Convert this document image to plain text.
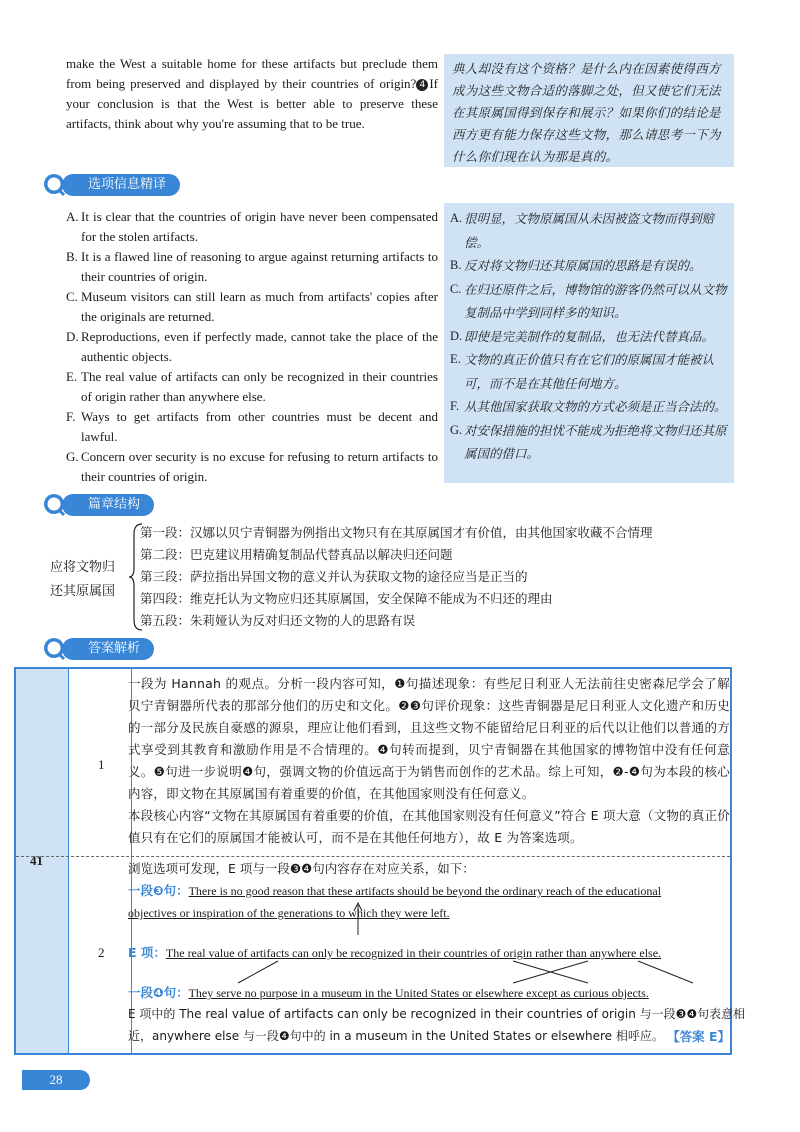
make the West a suitable home for these artifacts but preclude them from being preserved and displayed by their countries of origin? 4 If your conclusion is that the West is better able to preserve these artifacts, think about why you're assuming that to be true.
典人却没有这个资格？是什么内在因素使得西方成为这些文物合适的落脚之处，但又使它们无法在其原属国得到保存和展示？如果你们的结论是西方更有能力保存这些文物，那么请思考一下为什么你们现在认为那是真的。
选项信息精译
A. It is clear that the countries of origin have never been compensated for the stolen artifacts.
B. It is a flawed line of reasoning to argue against returning artifacts to their countries of origin.
C. Museum visitors can still learn as much from artifacts' copies after the originals are returned.
D. Reproductions, even if perfectly made, cannot take the place of the authentic objects.
E. The real value of artifacts can only be recognized in their countries of origin rather than anywhere else.
F. Ways to get artifacts from other countries must be decent and lawful.
G. Concern over security is no excuse for refusing to return artifacts to their countries of origin.
A. 很明显，文物原属国从未因被盗文物而得到赔偿。
B. 反对将文物归还其原属国的思路是有误的。
C. 在归还原件之后，博物馆的游客仍然可以从文物复制品中学到同样多的知识。
D. 即使是完美制作的复制品，也无法代替真品。
E. 文物的真正价值只有在它们的原属国才能被认可，而不是在其他任何地方。
F. 从其他国家获取文物的方式必须是正当合法的。
G. 对安保措施的担忧不能成为拒绝将文物归还其原属国的借口。
篇章结构
应将文物归
还其原属国
第一段：汉娜以贝宁青铜器为例指出文物只有在其原属国才有价值，由其他国家收藏不合情理
第二段：巴克建议用精确复制品代替真品以解决归还问题
第三段：萨拉指出异国文物的意义并认为获取文物的途径应当是正当的
第四段：维克托认为文物应归还其原属国，安全保障不能成为不归还的理由
第五段：朱莉娅认为反对归还文物的人的思路有误
答案解析
41
1
2
一段为 Hannah 的观点。分析一段内容可知，❶句描述现象：有些尼日利亚人无法前往史密森尼学会了解贝宁青铜器所代表的那部分他们的历史和文化。❷❸句评价现象：这些青铜器是尼日利亚人文化遗产和历史的一部分及民族自豪感的源泉，理应让他们看到，且这些文物不能留给尼日利亚的后代以让他们以普通的方式享受到其教育和激励作用是不合情理的。❹句转而提到，贝宁青铜器在其他国家的博物馆中没有任何意义。❺句进一步说明❹句，强调文物的价值远高于为销售而创作的艺术品。综上可知，❷-❹句为本段的核心内容，即文物在其原属国有着重要的价值，在其他国家则没有任何意义。
本段核心内容“文物在其原属国有着重要的价值，在其他国家则没有任何意义”符合 E 项大意（文物的真正价值只有在它们的原属国才能被认可，而不是在其他任何地方），故 E 为答案选项。
浏览选项可发现，E 项与一段❸❹句内容存在对应关系，如下：
一段❸句：There is no good reason that these artifacts should be beyond the ordinary reach of the educational
objectives or inspiration of the generations to which they were left.
E 项：The real value of artifacts can only be recognized in their countries of origin rather than anywhere else.
一段❹句：They serve no purpose in a museum in the United States or elsewhere except as curious objects.
E 项中的 The real value of artifacts can only be recognized in their countries of origin 与一段❸❹句表意相
近，anywhere else 与一段❹句中的 in a museum in the United States or elsewhere 相呼应。 【答案 E】
28
